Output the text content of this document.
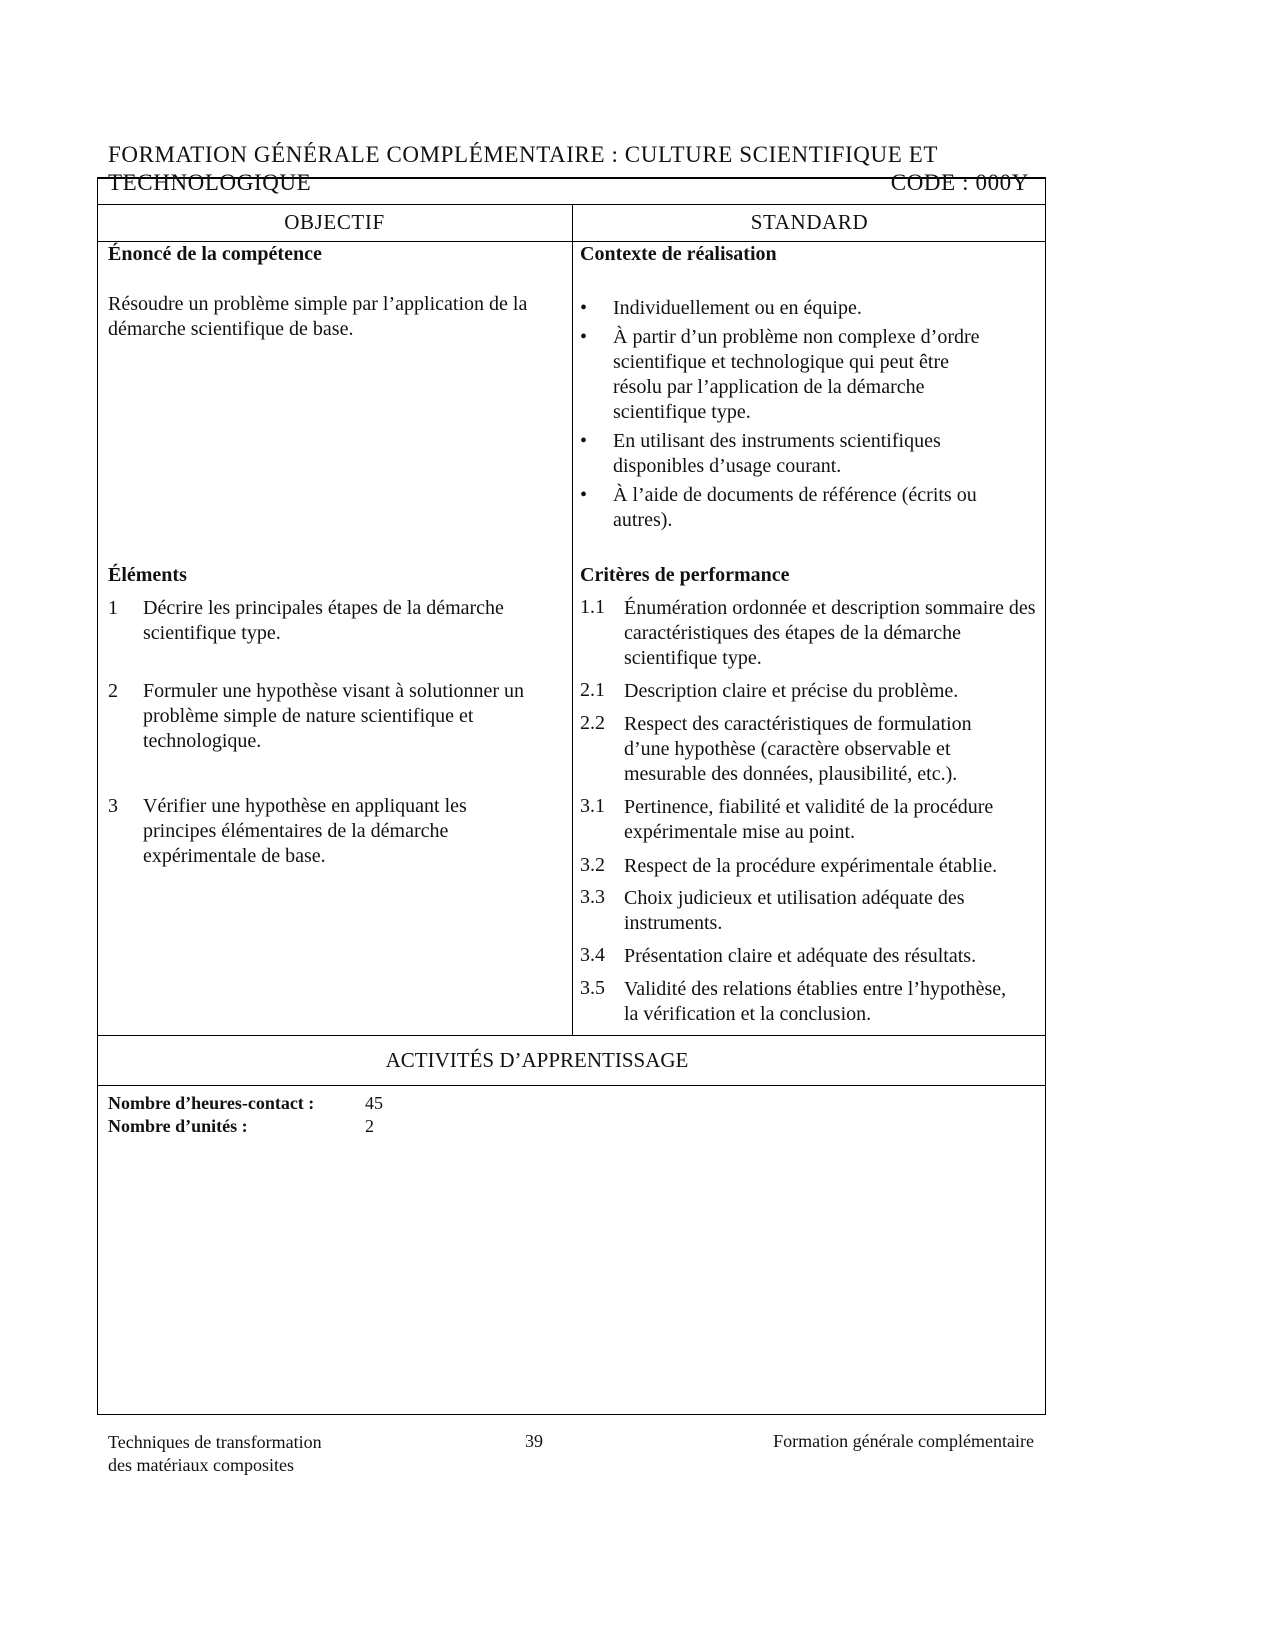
FORMATION GÉNÉRALE COMPLÉMENTAIRE : CULTURE SCIENTIFIQUE ET
TECHNOLOGIQUE	CODE : 000Y
OBJECTIF	STANDARD
Énoncé de la compétence
Résoudre un problème simple par l’application de la démarche scientifique de base.
Éléments
1 Décrire les principales étapes de la démarche scientifique type.
2 Formuler une hypothèse visant à solutionner un problème simple de nature scientifique et technologique.
3 Vérifier une hypothèse en appliquant les principes élémentaires de la démarche expérimentale de base.
Contexte de réalisation
• Individuellement ou en équipe.
• À partir d’un problème non complexe d’ordre scientifique et technologique qui peut être résolu par l’application de la démarche scientifique type.
• En utilisant des instruments scientifiques disponibles d’usage courant.
• À l’aide de documents de référence (écrits ou autres).
Critères de performance
1.1 Énumération ordonnée et description sommaire des caractéristiques des étapes de la démarche scientifique type.
2.1 Description claire et précise du problème.
2.2 Respect des caractéristiques de formulation d’une hypothèse (caractère observable et mesurable des données, plausibilité, etc.).
3.1 Pertinence, fiabilité et validité de la procédure expérimentale mise au point.
3.2 Respect de la procédure expérimentale établie.
3.3 Choix judicieux et utilisation adéquate des instruments.
3.4 Présentation claire et adéquate des résultats.
3.5 Validité des relations établies entre l’hypothèse, la vérification et la conclusion.
ACTIVITÉS D’APPRENTISSAGE
Nombre d’heures-contact :	45
Nombre d’unités :	2
Techniques de transformation
des matériaux composites
39	Formation générale complémentaire
